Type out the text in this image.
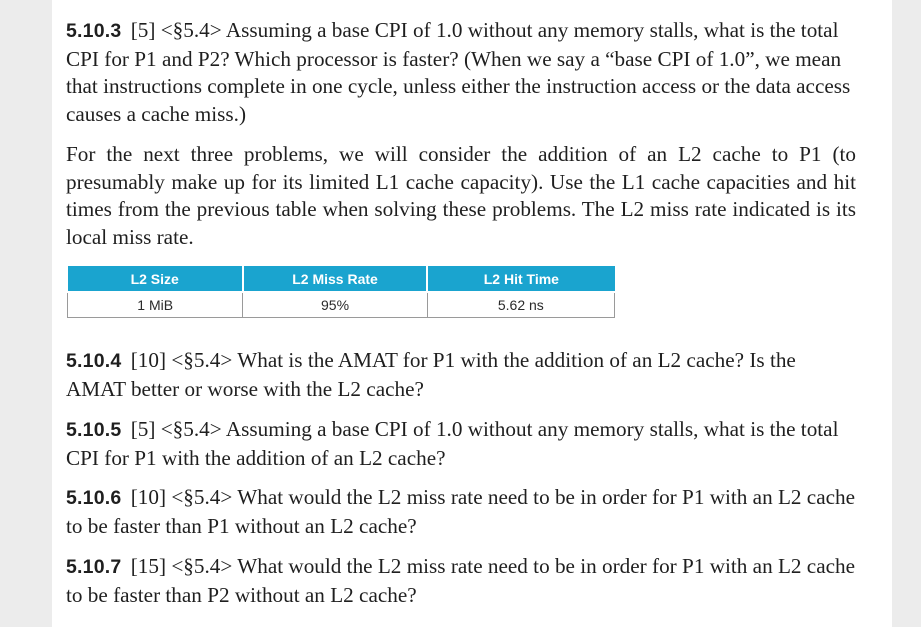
5.10.3 [5] <§5.4> Assuming a base CPI of 1.0 without any memory stalls, what is the total CPI for P1 and P2? Which processor is faster? (When we say a “base CPI of 1.0”, we mean that instructions complete in one cycle, unless either the instruction access or the data access causes a cache miss.)

For the next three problems, we will consider the addition of an L2 cache to P1 (to presumably make up for its limited L1 cache capacity). Use the L1 cache capacities and hit times from the previous table when solving these problems. The L2 miss rate indicated is its local miss rate.

L2 Size	L2 Miss Rate	L2 Hit Time
1 MiB	95%	5.62 ns

5.10.4 [10] <§5.4> What is the AMAT for P1 with the addition of an L2 cache? Is the AMAT better or worse with the L2 cache?

5.10.5 [5] <§5.4> Assuming a base CPI of 1.0 without any memory stalls, what is the total CPI for P1 with the addition of an L2 cache?

5.10.6 [10] <§5.4> What would the L2 miss rate need to be in order for P1 with an L2 cache to be faster than P1 without an L2 cache?

5.10.7 [15] <§5.4> What would the L2 miss rate need to be in order for P1 with an L2 cache to be faster than P2 without an L2 cache?
